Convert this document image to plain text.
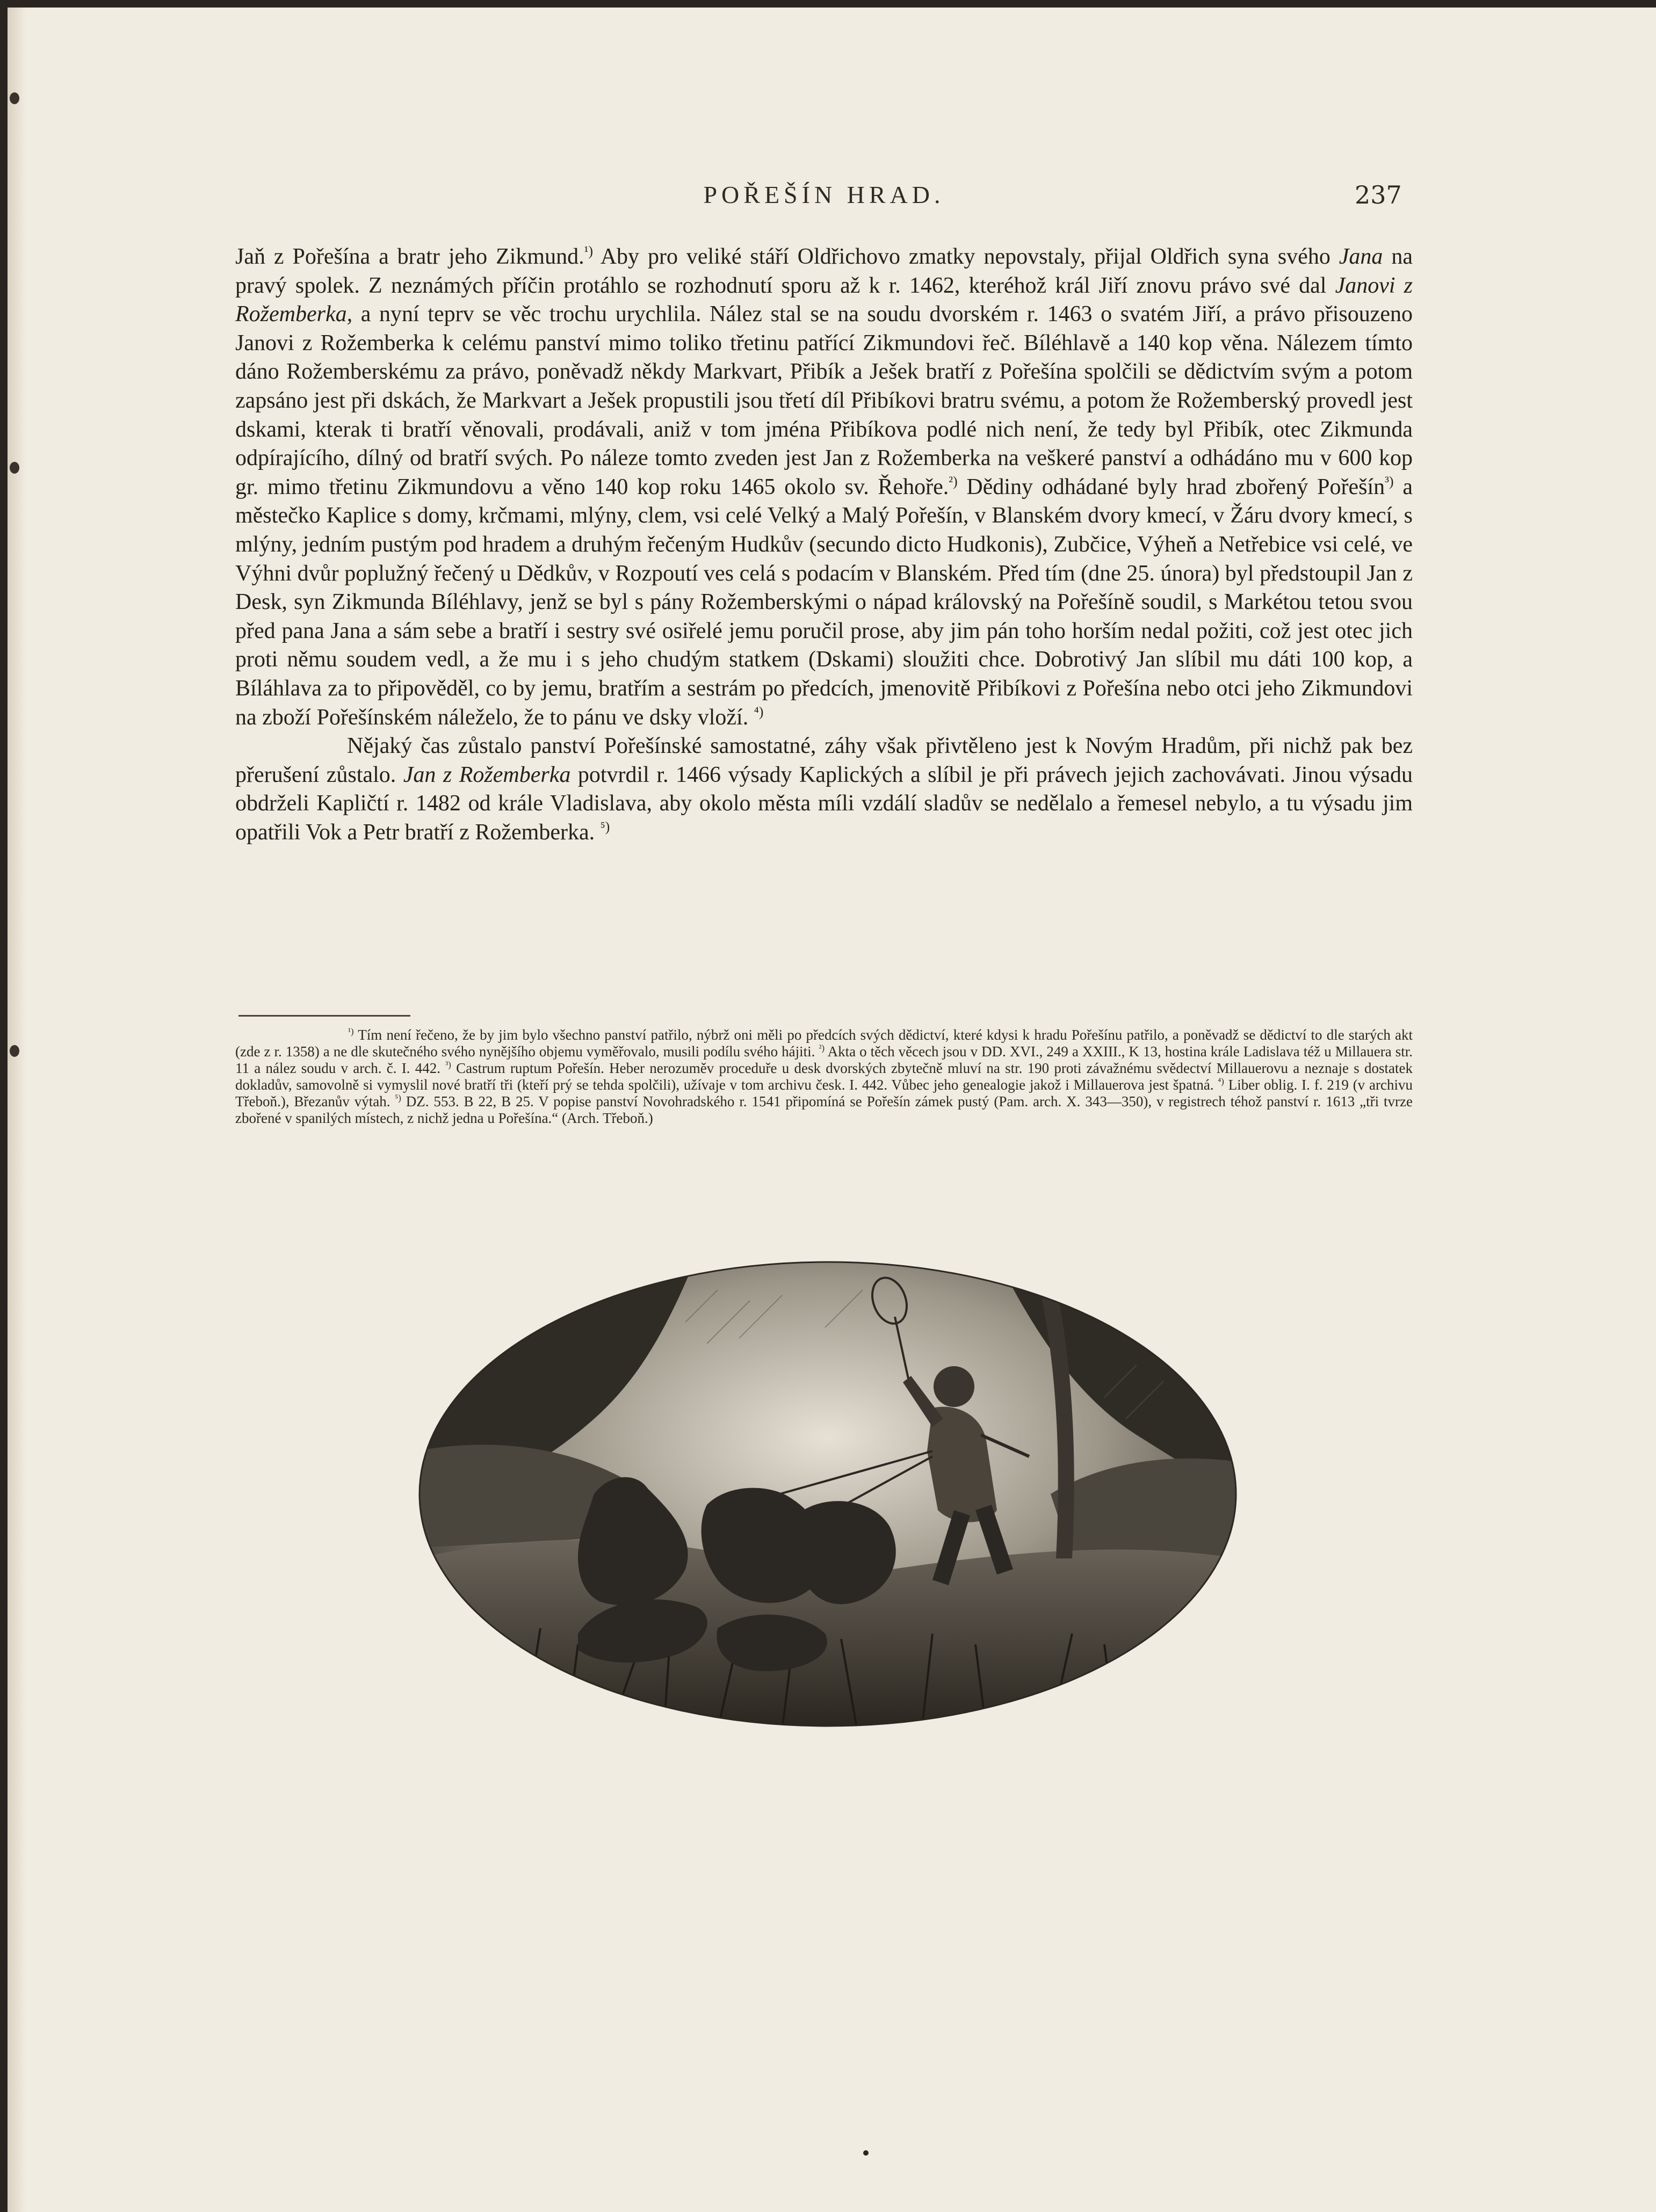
POŘEŠÍN HRAD.	237

Jaň z Pořešína a bratr jeho Zikmund.$^{^1)}$ Aby pro veliké stáří Oldřichovo zmatky nepovstaly, přijal Oldřich syna svého Jana na pravý spolek. Z neznámých příčin protáhlo se rozhodnutí sporu až k r. 1462, kteréhož král Jiří znovu právo své dal Janovi z Rožemberka, a nyní teprv se věc trochu urychlila. Nález stal se na soudu dvorském r. 1463 o svatém Jiří, a právo přisouzeno Janovi z Rožemberka k celému panství mimo toliko třetinu patřící Zikmundovi řeč. Bíléhlavě a 140 kop věna. Nálezem tímto dáno Rožemberskému za právo, poněvadž někdy Markvart, Přibík a Ješek bratří z Pořešína spolčili se dědictvím svým a potom zapsáno jest při dskách, že Markvart a Ješek propustili jsou třetí díl Přibíkovi bratru svému, a potom že Rožemberský provedl jest dskami, kterak ti bratří věnovali, prodávali, aniž v tom jména Přibíkova podlé nich není, že tedy byl Přibík, otec Zikmunda odpírajícího, dílný od bratří svých. Po náleze tomto zveden jest Jan z Rožemberka na veškeré panství a odhádáno mu v 600 kop gr. mimo třetinu Zikmundovu a věno 140 kop roku 1465 okolo sv. Řehoře.$^{^2)}$ Dědiny odhádané byly hrad zbořený Pořešín$^{^3)}$ a městečko Kaplice s domy, krčmami, mlýny, clem, vsi celé Velký a Malý Pořešín, v Blanském dvory kmecí, v Žáru dvory kmecí, s mlýny, jedním pustým pod hradem a druhým řečeným Hudkův (secundo dicto Hudkonis), Zubčice, Výheň a Netřebice vsi celé, ve Výhni dvůr poplužný řečený u Dědkův, v Rozpoutí ves celá s podacím v Blanském. Před tím (dne 25. února) byl předstoupil Jan z Desk, syn Zikmunda Bíléhlavy, jenž se byl s pány Rožemberskými o nápad královský na Pořešíně soudil, s Markétou tetou svou před pana Jana a sám sebe a bratří i sestry své osiřelé jemu poručil prose, aby jim pán toho horším nedal požiti, což jest otec jich proti němu soudem vedl, a že mu i s jeho chudým statkem (Dskami) sloužiti chce. Dobrotivý Jan slíbil mu dáti 100 kop, a Bíláhlava za to připověděl, co by jemu, bratřím a sestrám po předcích, jmenovitě Přibíkovi z Pořešína nebo otci jeho Zikmundovi na zboží Pořešínském náleželo, že to pánu ve dsky vloží. $^{^4)}$

Nějaký čas zůstalo panství Pořešínské samostatné, záhy však přivtěleno jest k Novým Hradům, při nichž pak bez přerušení zůstalo. Jan z Rožemberka potvrdil r. 1466 výsady Kaplických a slíbil je při právech jejich zachovávati. Jinou výsadu obdrželi Kapličtí r. 1482 od krále Vladislava, aby okolo města míli vzdálí sladův se nedělalo a řemesel nebylo, a tu výsadu jim opatřili Vok a Petr bratří z Rožemberka. $^{^5)}$

$^{^1)}$ Tím není řečeno, že by jim bylo všechno panství patřilo, nýbrž oni měli po předcích svých dědictví, které kdysi k hradu Pořešínu patřilo, a poněvadž se dědictví to dle starých akt (zde z r. 1358) a ne dle skutečného svého nynějšího objemu vyměřovalo, musili podílu svého hájiti. $^{^2)}$ Akta o těch věcech jsou v DD. XVI., 249 a XXIII., K 13, hostina krále Ladislava též u Millauera str. 11 a nález soudu v arch. č. I. 442. $^{^3)}$ Castrum ruptum Pořešín. Heber nerozuměv proceduře u desk dvorských zbytečně mluví na str. 190 proti závažnému svědectví Millauerovu a neznaje s dostatek dokladův, samovolně si vymyslil nové bratří tři (kteří prý se tehda spolčili), užívaje v tom archivu česk. I. 442. Vůbec jeho genealogie jakož i Millauerova jest špatná. $^{^4)}$ Liber oblig. I. f. 219 (v archivu Třeboň.), Březanův výtah. $^{^5)}$ DZ. 553. B 22, B 25. V popise panství Novohradského r. 1541 připomíná se Pořešín zámek pustý (Pam. arch. X. 343—350), v registrech téhož panství r. 1613 „tři tvrze zbořené v spanilých místech, z nichž jedna u Pořešína.“ (Arch. Třeboň.)
